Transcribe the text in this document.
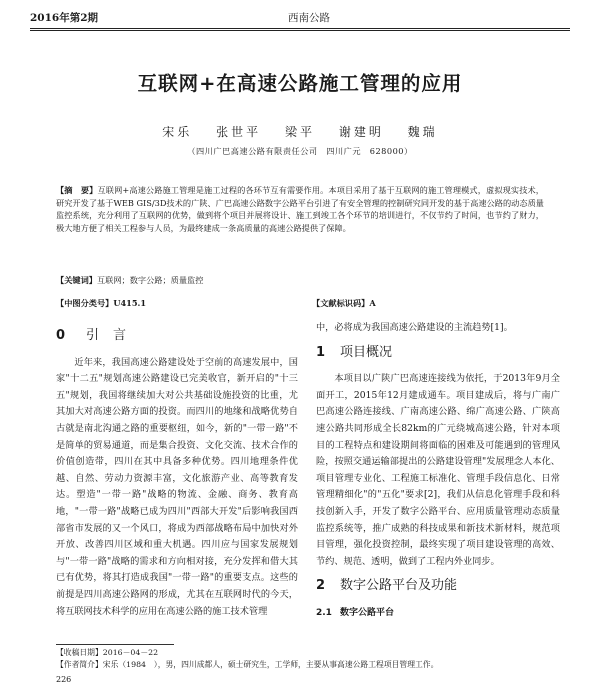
2016年第2期	西南公路
互联网+在高速公路施工管理的应用
宋乐 张世平 梁平 谢建明 魏瑞
（四川广巴高速公路有限责任公司　四川广元　628000）
【摘　要】互联网+高速公路施工管理是施工过程的各环节互有需要作用。本项目采用了基于互联网的施工管理模式，虚拟现实技术，研究开发了基于WEB GIS/3D技术的广陕、广巴高速公路数字公路平台引进了有安全管理的控制研究同开发的基于高速公路的动态质量监控系统，充分利用了互联网的优势，做到将个项目并展将设计、施工到竣工各个环节的培训进行，不仅节约了时间，也节约了财力，极大地方便了相关工程参与人员，为最终建成一条高质量的高速公路提供了保障。
【关键词】互联网；数字公路；质量监控
【中图分类号】U415.1	【文献标识码】A
0 引言

近年来，我国高速公路建设处于空前的高速发展中，国家"十二五"规划高速公路建设已完美收官，新开启的"十三五"规划，我国将继续加大对公共基础设施投资的比重，尤其加大对高速公路方面的投资。而四川的地缘和战略优势自古就是南北沟通之路的重要枢纽，如今，新的"一带一路"不是简单的贸易通道，而是集合投资、文化交流、技术合作的价值创造带，四川在其中具备多种优势。四川地理条件优越、自然、劳动力资源丰富，文化旅游产业、高等教育发达。塑造"一带一路"战略的物流、金融、商务、教育高地，"一带一路"战略已成为四川"西部大开发"后影响我国西部省市发展的又一个风口，将成为西部战略布局中加快对外开放、改善四川区域和重大机遇。四川应与国家发展规划与"一带一路"战略的需求和方向相对接，充分发挥和借大其已有优势，将其打造成我国"一带一路"的重要支点。这些的前提是四川高速公路网的形成，尤其在互联网时代的今天，将互联网技术科学的应用在高速公路的施工技术管理

中，必将成为我国高速公路建设的主流趋势[1]。

1 项目概况

本项目以广陕广巴高速连接线为依托，于2013年9月全面开工，2015年12月建成通车。项目建成后，将与广南广巴高速公路连接线、广南高速公路、绵广高速公路、广陕高速公路共同形成全长82km的广元绕城高速公路，针对本项目的工程特点和建设期间将面临的困难及可能遇到的管理风险，按照交通运输部提出的公路建设管理"发展理念人本化、项目管理专业化、工程施工标准化、管理手段信息化、日常管理精细化"的"五化"要求[2]，我们从信息化管理手段和科技创新入手，开发了数字公路平台、应用质量管理动态质量监控系统等，推广成熟的科技成果和新技术新材料，规范项目管理，强化投资控制，最终实现了项目建设管理的高效、节约、规范、透明，做到了工程内外业同步。

2 数字公路平台及功能
2.1 数字公路平台
【收稿日期】2016－04－22
【作者简介】宋乐（1984　），男，四川成都人，硕士研究生，工学师，主要从事高速公路工程项目管理工作。
226
